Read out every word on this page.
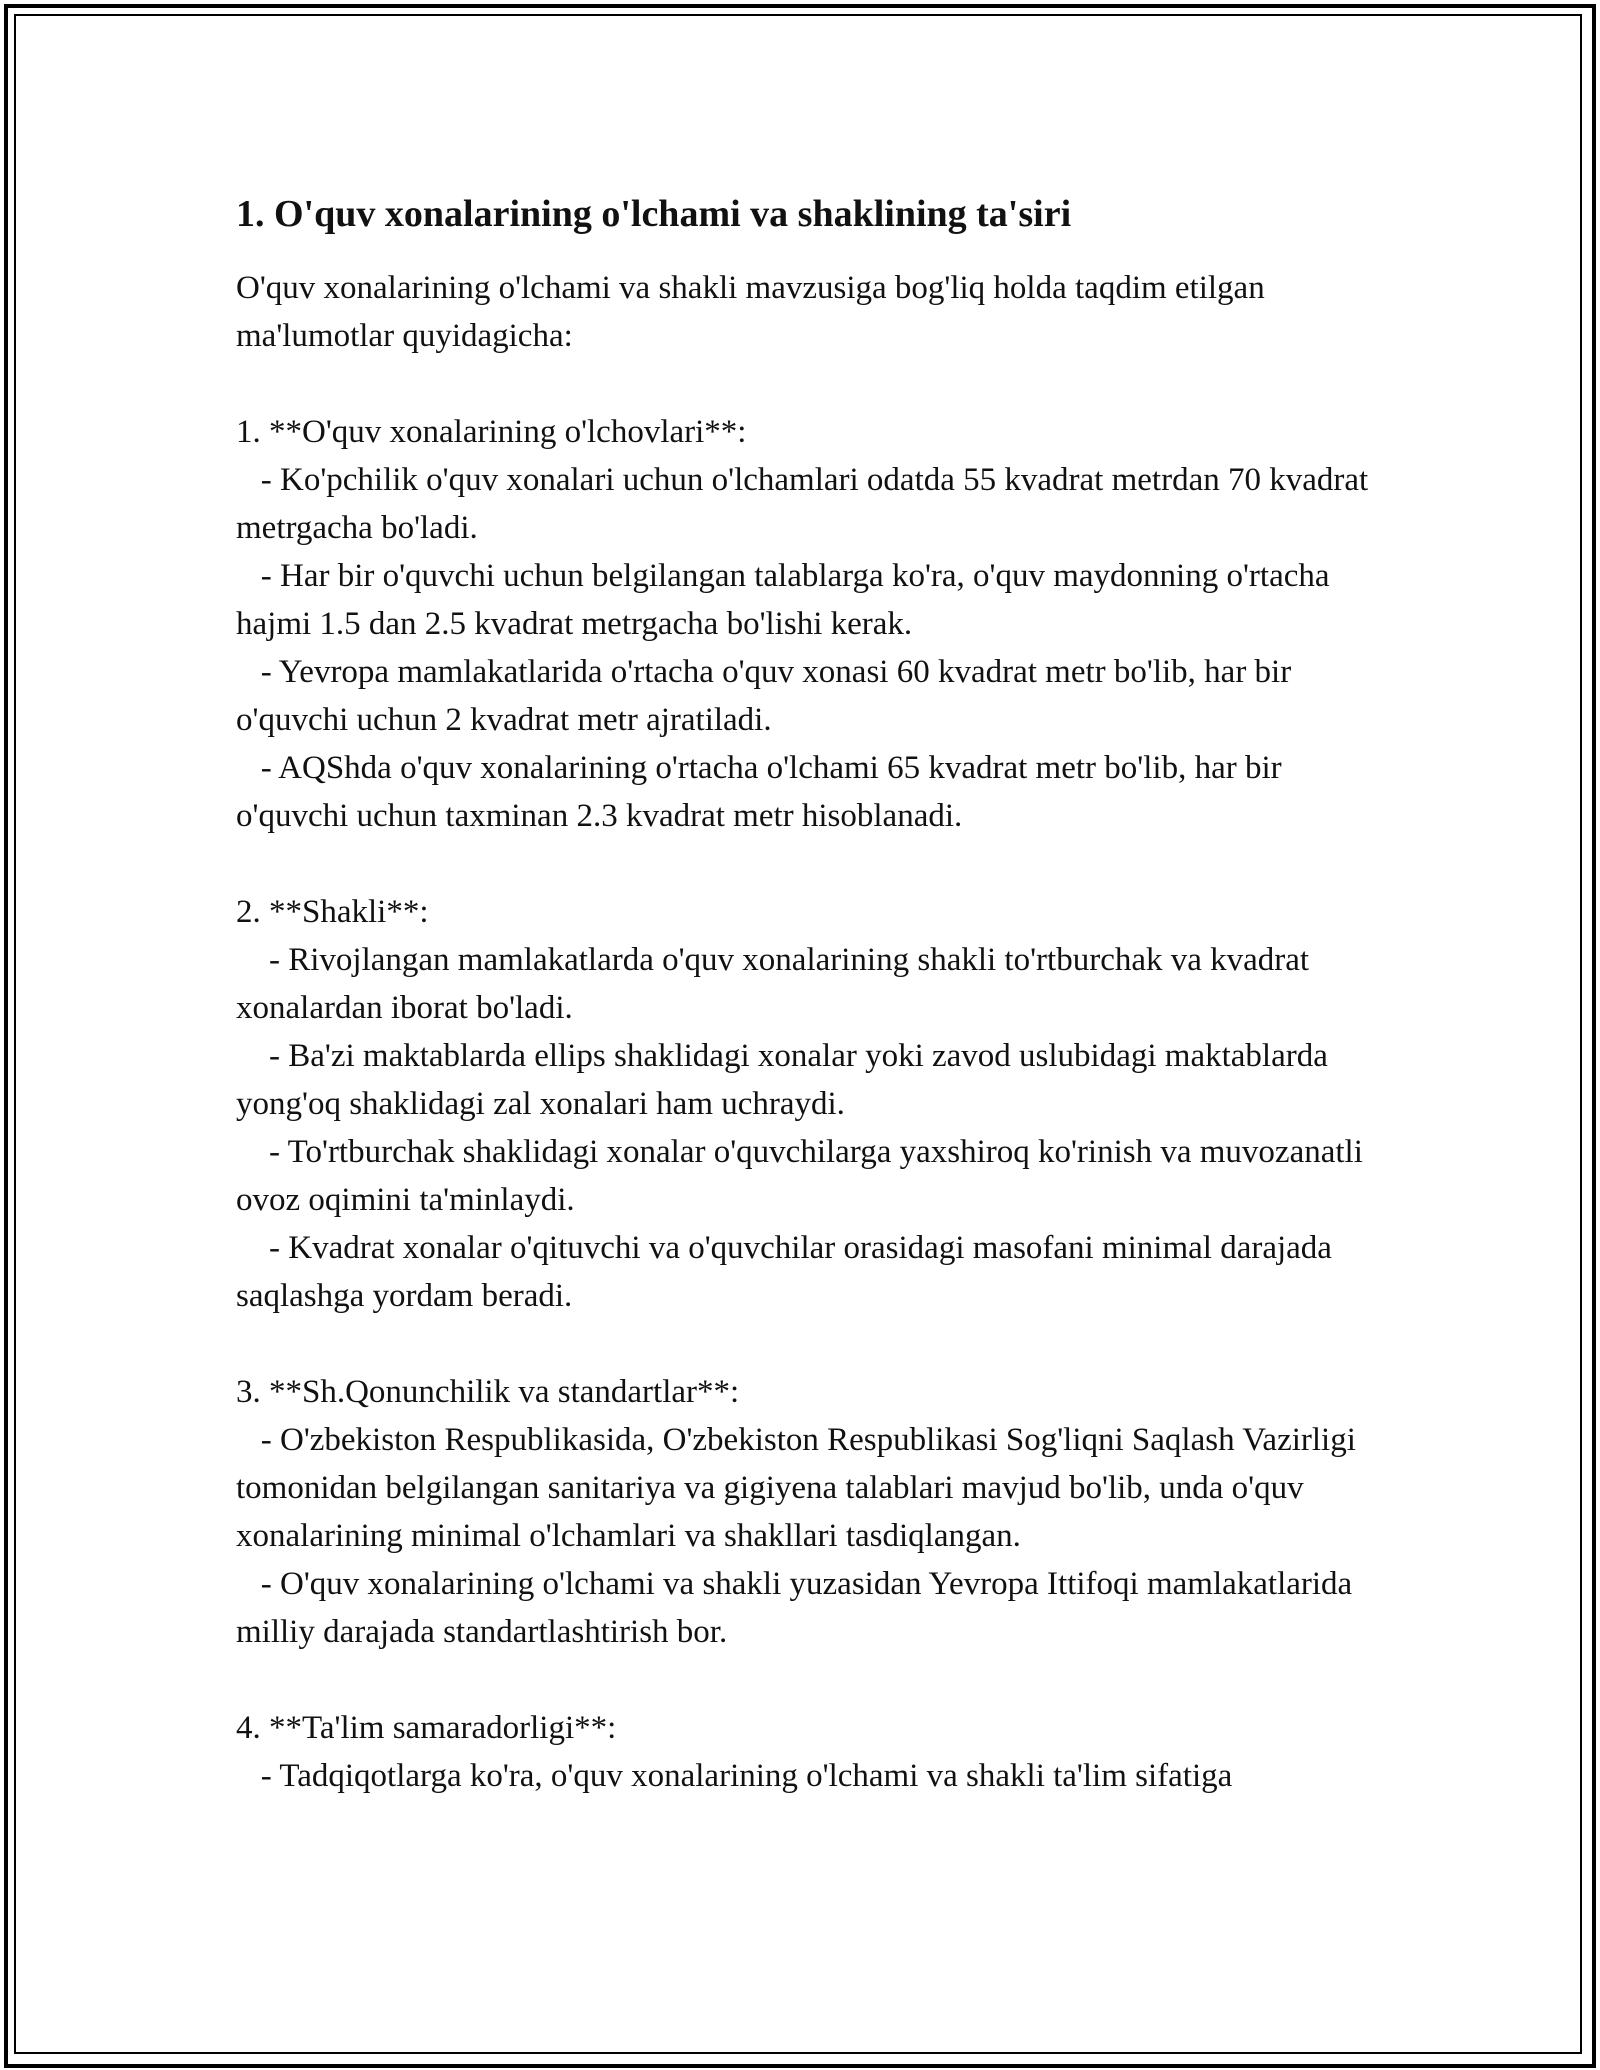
1. O'quv xonalarining o'lchami va shaklining ta'siri

O'quv xonalarining o'lchami va shakli mavzusiga bog'liq holda taqdim etilgan ma'lumotlar quyidagicha:

1. **O'quv xonalarining o'lchovlari**:

- Ko'pchilik o'quv xonalari uchun o'lchamlari odatda 55 kvadrat metrdan 70 kvadrat metrgacha bo'ladi.

- Har bir o'quvchi uchun belgilangan talablarga ko'ra, o'quv maydonning o'rtacha hajmi 1.5 dan 2.5 kvadrat metrgacha bo'lishi kerak.

- Yevropa mamlakatlarida o'rtacha o'quv xonasi 60 kvadrat metr bo'lib, har bir o'quvchi uchun 2 kvadrat metr ajratiladi.

- AQShda o'quv xonalarining o'rtacha o'lchami 65 kvadrat metr bo'lib, har bir o'quvchi uchun taxminan 2.3 kvadrat metr hisoblanadi.

2. **Shakli**:

- Rivojlangan mamlakatlarda o'quv xonalarining shakli to'rtburchak va kvadrat xonalardan iborat bo'ladi.

- Ba'zi maktablarda ellips shaklidagi xonalar yoki zavod uslubidagi maktablarda yong'oq shaklidagi zal xonalari ham uchraydi.

- To'rtburchak shaklidagi xonalar o'quvchilarga yaxshiroq ko'rinish va muvozanatli ovoz oqimini ta'minlaydi.

- Kvadrat xonalar o'qituvchi va o'quvchilar orasidagi masofani minimal darajada saqlashga yordam beradi.

3. **Sh.Qonunchilik va standartlar**:

- O'zbekiston Respublikasida, O'zbekiston Respublikasi Sog'liqni Saqlash Vazirligi tomonidan belgilangan sanitariya va gigiyena talablari mavjud bo'lib, unda o'quv xonalarining minimal o'lchamlari va shakllari tasdiqlangan.

- O'quv xonalarining o'lchami va shakli yuzasidan Yevropa Ittifoqi mamlakatlarida milliy darajada standartlashtirish bor.

4. **Ta'lim samaradorligi**:

- Tadqiqotlarga ko'ra, o'quv xonalarining o'lchami va shakli ta'lim sifatiga
